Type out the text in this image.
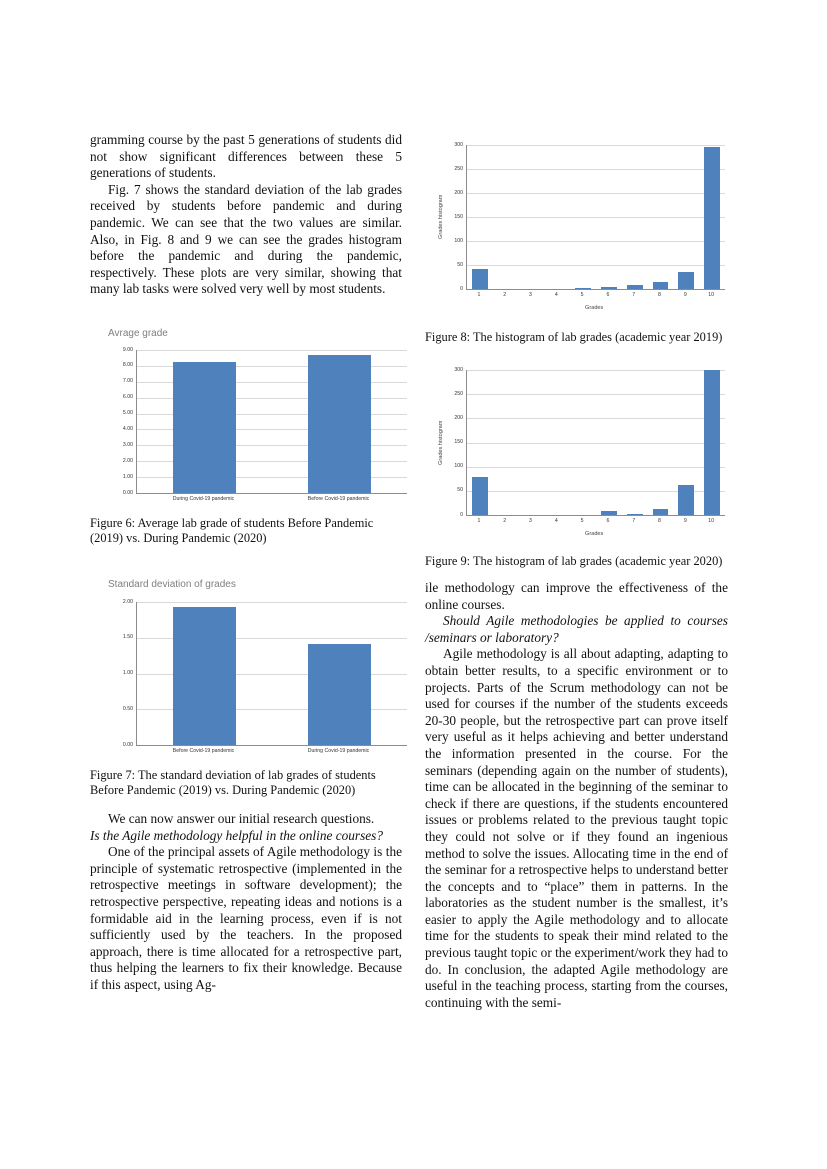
gramming course by the past 5 generations of students did not show significant differences between these 5 generations of students.

Fig. 7 shows the standard deviation of the lab grades received by students before pandemic and during pandemic. We can see that the two values are similar. Also, in Fig. 8 and 9 we can see the grades histogram before the pandemic and during the pandemic, respectively. These plots are very similar, showing that many lab tasks were solved very well by most students.

Avrage grade
0.00
1.00
2.00
3.00
4.00
5.00
6.00
7.00
8.00
9.00
During Covid-19 pandemic	Before Covid-19 pandemic

Figure 6: Average lab grade of students Before Pandemic (2019) vs. During Pandemic (2020)

Standard deviation of grades
0.00
0.50
1.00
1.50
2.00
Before Covid-19 pandemic	During Covid-19 pandemic

Figure 7: The standard deviation of lab grades of students Before Pandemic (2019) vs. During Pandemic (2020)

We can now answer our initial research questions.

Is the Agile methodology helpful in the online courses?

One of the principal assets of Agile methodology is the principle of systematic retrospective (implemented in the retrospective meetings in software development); the retrospective perspective, repeating ideas and notions is a formidable aid in the learning process, even if is not sufficiently used by the teachers. In the proposed approach, there is time allocated for a retrospective part, thus helping the learners to fix their knowledge. Because if this aspect, using Ag-

0
50
100
150
200
250
300
1	2	3	4	5	6	7	8	9	10
Grades
Grades histogram

Figure 8: The histogram of lab grades (academic year 2019)

0
50
100
150
200
250
300
1	2	3	4	5	6	7	8	9	10
Grades
Grades histogram

Figure 9: The histogram of lab grades (academic year 2020)

ile methodology can improve the effectiveness of the online courses.

Should Agile methodologies be applied to courses /seminars or laboratory?

Agile methodology is all about adapting, adapting to obtain better results, to a specific environment or to projects. Parts of the Scrum methodology can not be used for courses if the number of the students exceeds 20-30 people, but the retrospective part can prove itself very useful as it helps achieving and better understand the information presented in the course. For the seminars (depending again on the number of students), time can be allocated in the beginning of the seminar to check if there are questions, if the students encountered issues or problems related to the previous taught topic they could not solve or if they found an ingenious method to solve the issues. Allocating time in the end of the seminar for a retrospective helps to understand better the concepts and to “place” them in patterns. In the laboratories as the student number is the smallest, it’s easier to apply the Agile methodology and to allocate time for the students to speak their mind related to the previous taught topic or the experiment/work they had to do. In conclusion, the adapted Agile methodology are useful in the teaching process, starting from the courses, continuing with the semi-
